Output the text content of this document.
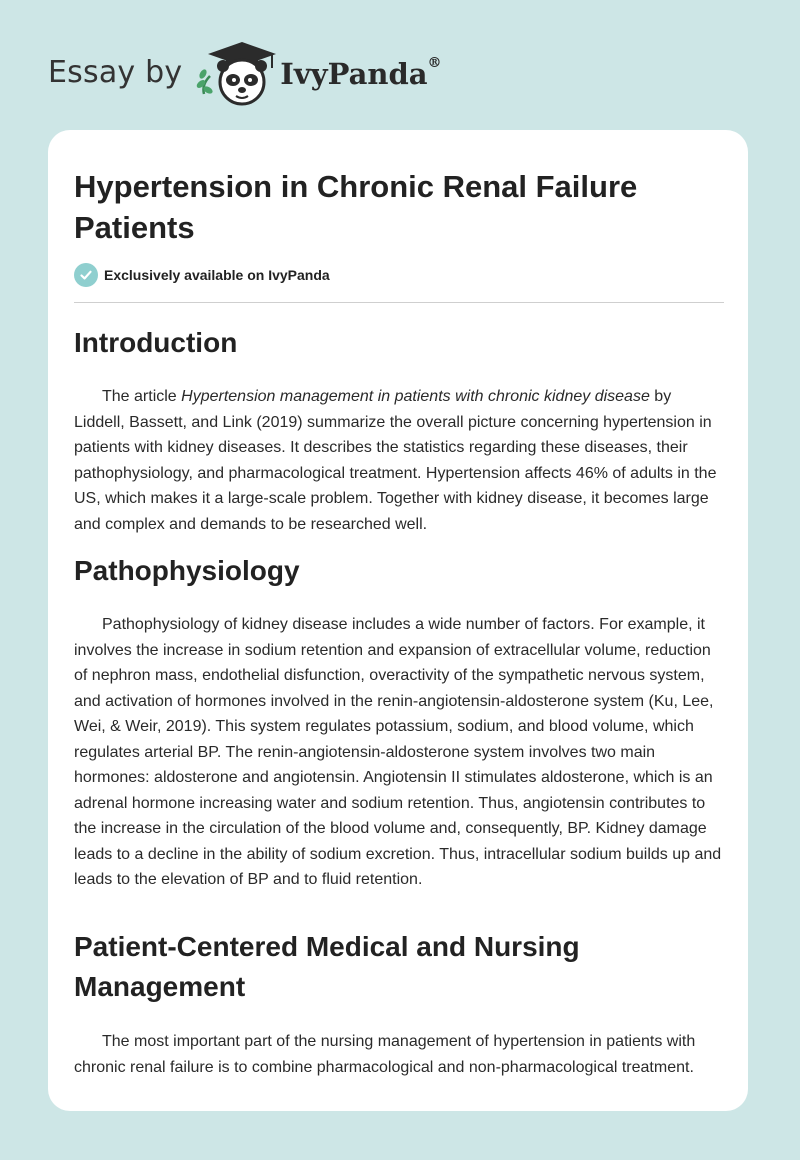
Essay by	IvyPanda®
Hypertension in Chronic Renal Failure Patients
Exclusively available on IvyPanda
Introduction

The article Hypertension management in patients with chronic kidney disease by Liddell, Bassett, and Link (2019) summarize the overall picture concerning hypertension in patients with kidney diseases. It describes the statistics regarding these diseases, their pathophysiology, and pharmacological treatment. Hypertension affects 46% of adults in the US, which makes it a large-scale problem. Together with kidney disease, it becomes large and complex and demands to be researched well.

Pathophysiology

Pathophysiology of kidney disease includes a wide number of factors. For example, it involves the increase in sodium retention and expansion of extracellular volume, reduction of nephron mass, endothelial disfunction, overactivity of the sympathetic nervous system, and activation of hormones involved in the renin-angiotensin-aldosterone system (Ku, Lee, Wei, & Weir, 2019). This system regulates potassium, sodium, and blood volume, which regulates arterial BP. The renin-angiotensin-aldosterone system involves two main hormones: aldosterone and angiotensin. Angiotensin II stimulates aldosterone, which is an adrenal hormone increasing water and sodium retention. Thus, angiotensin contributes to the increase in the circulation of the blood volume and, consequently, BP. Kidney damage leads to a decline in the ability of sodium excretion. Thus, intracellular sodium builds up and leads to the elevation of BP and to fluid retention.

Patient-Centered Medical and Nursing Management

The most important part of the nursing management of hypertension in patients with chronic renal failure is to combine pharmacological and non-pharmacological treatment.
